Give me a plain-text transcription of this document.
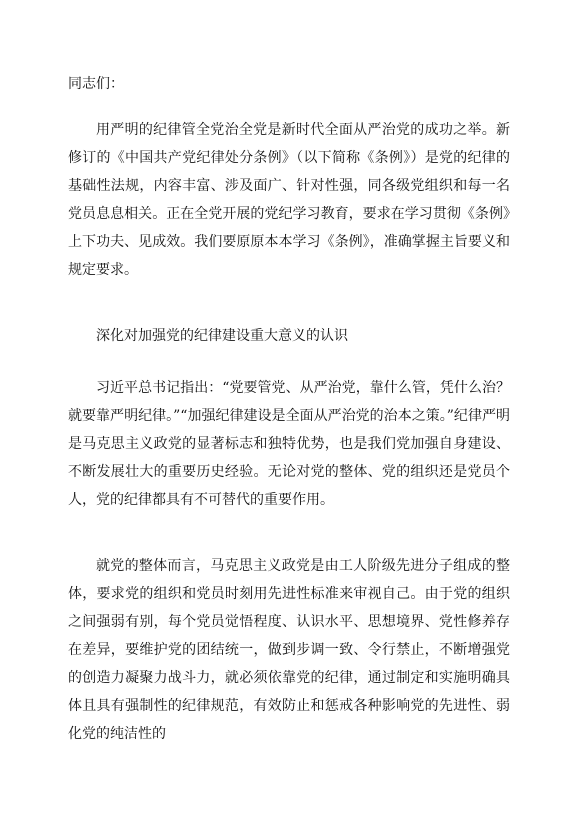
同志们：

用严明的纪律管全党治全党是新时代全面从严治党的成功之举。新修订的《中国共产党纪律处分条例》（以下简称《条例》）是党的纪律的基础性法规，内容丰富、涉及面广、针对性强，同各级党组织和每一名党员息息相关。正在全党开展的党纪学习教育，要求在学习贯彻《条例》上下功夫、见成效。我们要原原本本学习《条例》，准确掌握主旨要义和规定要求。

深化对加强党的纪律建设重大意义的认识

习近平总书记指出：“党要管党、从严治党，靠什么管，凭什么治？就要靠严明纪律。”“加强纪律建设是全面从严治党的治本之策。”纪律严明是马克思主义政党的显著标志和独特优势，也是我们党加强自身建设、不断发展壮大的重要历史经验。无论对党的整体、党的组织还是党员个人，党的纪律都具有不可替代的重要作用。

就党的整体而言，马克思主义政党是由工人阶级先进分子组成的整体，要求党的组织和党员时刻用先进性标准来审视自己。由于党的组织之间强弱有别，每个党员觉悟程度、认识水平、思想境界、党性修养存在差异，要维护党的团结统一，做到步调一致、令行禁止，不断增强党的创造力凝聚力战斗力，就必须依靠党的纪律，通过制定和实施明确具体且具有强制性的纪律规范，有效防止和惩戒各种影响党的先进性、弱化党的纯洁性的
